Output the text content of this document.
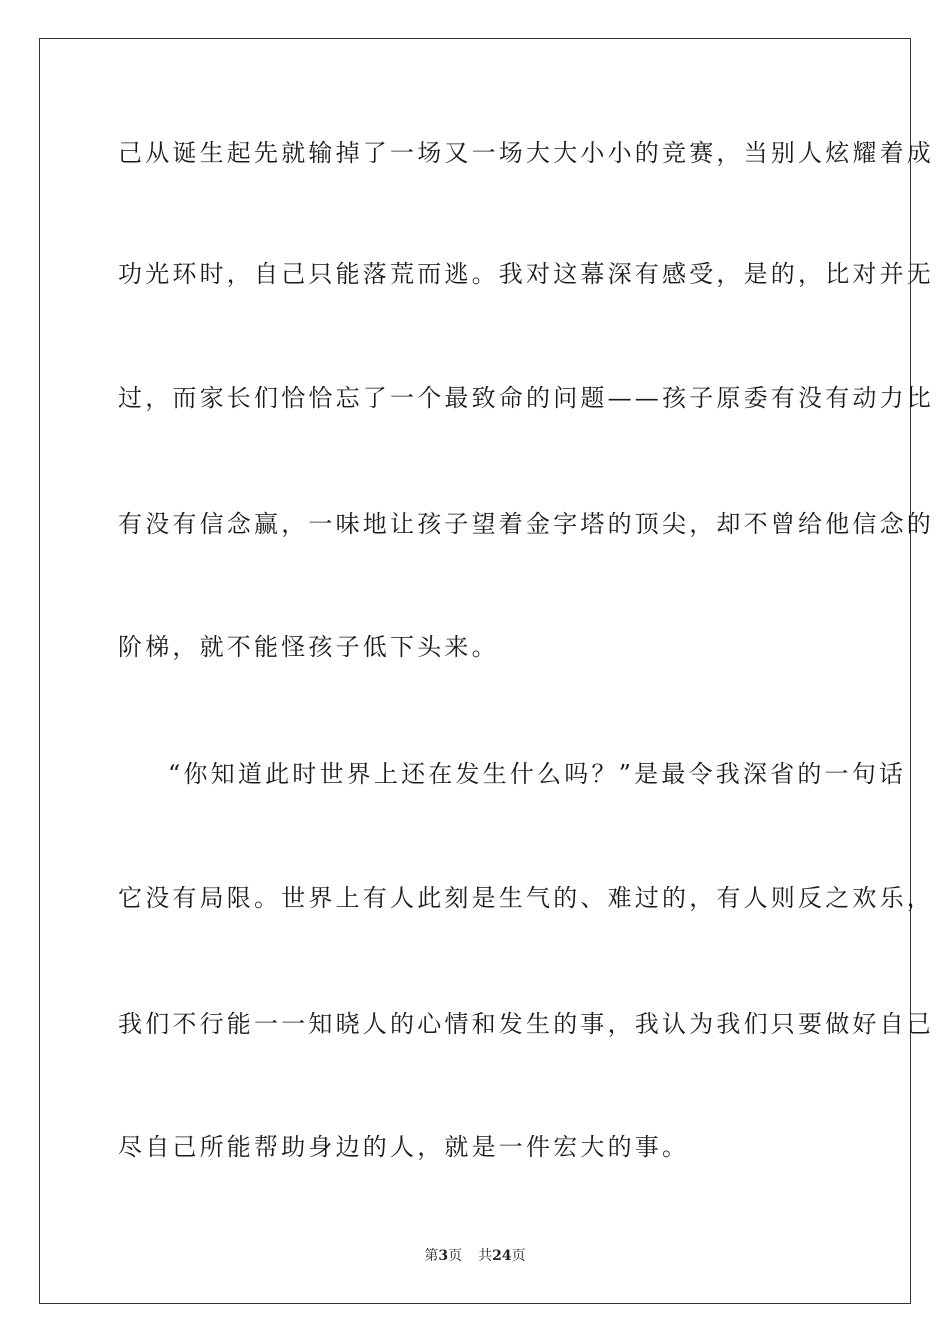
己从诞生起先就输掉了一场又一场大大小小的竞赛，当别人炫耀着成
功光环时，自己只能落荒而逃。我对这幕深有感受，是的，比对并无
过，而家长们恰恰忘了一个最致命的问题——孩子原委有没有动力比
有没有信念赢，一味地让孩子望着金字塔的顶尖，却不曾给他信念的
阶梯，就不能怪孩子低下头来。
“你知道此时世界上还在发生什么吗？”是最令我深省的一句话
它没有局限。世界上有人此刻是生气的、难过的，有人则反之欢乐，
我们不行能一一知晓人的心情和发生的事，我认为我们只要做好自己
尽自己所能帮助身边的人，就是一件宏大的事。
第3页 共24页
